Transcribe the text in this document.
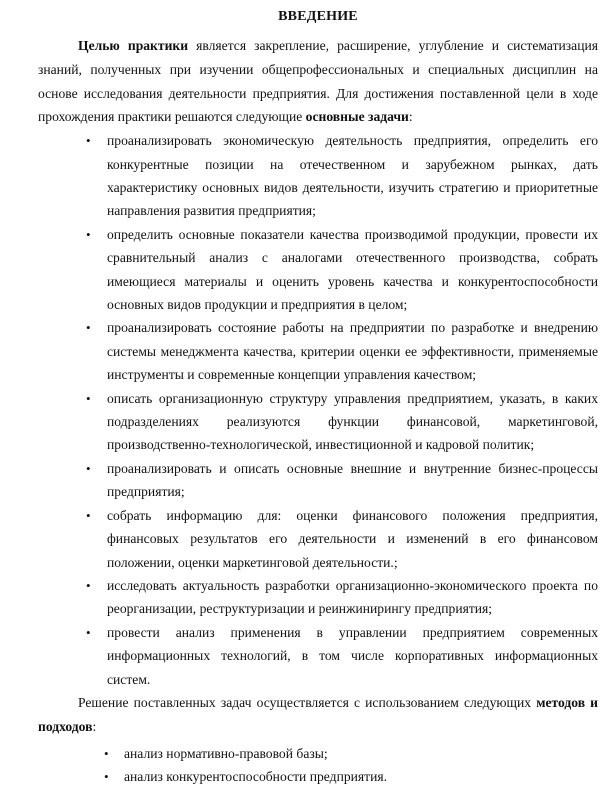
ВВЕДЕНИЕ

Целью практики является закрепление, расширение, углубление и систематизация знаний, полученных при изучении общепрофессиональных и специальных дисциплин на основе исследования деятельности предприятия. Для достижения поставленной цели в ходе прохождения практики решаются следующие основные задачи:

• проанализировать экономическую деятельность предприятия, определить его конкурентные позиции на отечественном и зарубежном рынках, дать характеристику основных видов деятельности, изучить стратегию и приоритетные направления развития предприятия;
• определить основные показатели качества производимой продукции, провести их сравнительный анализ с аналогами отечественного производства, собрать имеющиеся материалы и оценить уровень качества и конкурентоспособности основных видов продукции и предприятия в целом;
• проанализировать состояние работы на предприятии по разработке и внедрению системы менеджмента качества, критерии оценки ее эффективности, применяемые инструменты и современные концепции управления качеством;
• описать организационную структуру управления предприятием, указать, в каких подразделениях реализуются функции финансовой, маркетинговой, производственно-технологической, инвестиционной и кадровой политик;
• проанализировать и описать основные внешние и внутренние бизнес-процессы предприятия;
• собрать информацию для: оценки финансового положения предприятия, финансовых результатов его деятельности и изменений в его финансовом положении, оценки маркетинговой деятельности.;
• исследовать актуальность разработки организационно-экономического проекта по реорганизации, реструктуризации и реинжинирингу предприятия;
• провести анализ применения в управлении предприятием современных информационных технологий, в том числе корпоративных информационных систем.

Решение поставленных задач осуществляется с использованием следующих методов и подходов:

• анализ нормативно-правовой базы;
• анализ конкурентоспособности предприятия.
